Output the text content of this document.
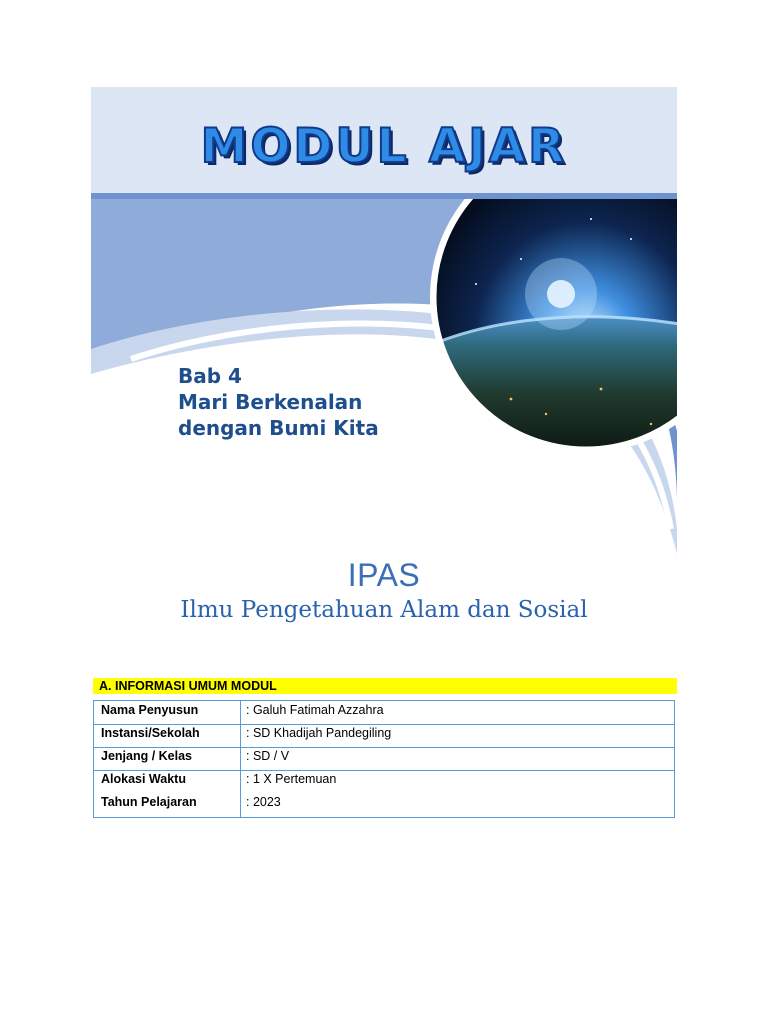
MODUL AJAR
Bab 4
Mari Berkenalan
dengan Bumi Kita
IPAS
Ilmu Pengetahuan Alam dan Sosial
A. INFORMASI UMUM MODUL
Nama Penyusun	: Galuh Fatimah Azzahra
Instansi/Sekolah	: SD Khadijah Pandegiling
Jenjang / Kelas	: SD / V
Alokasi Waktu	: 1 X Pertemuan
Tahun Pelajaran	: 2023
